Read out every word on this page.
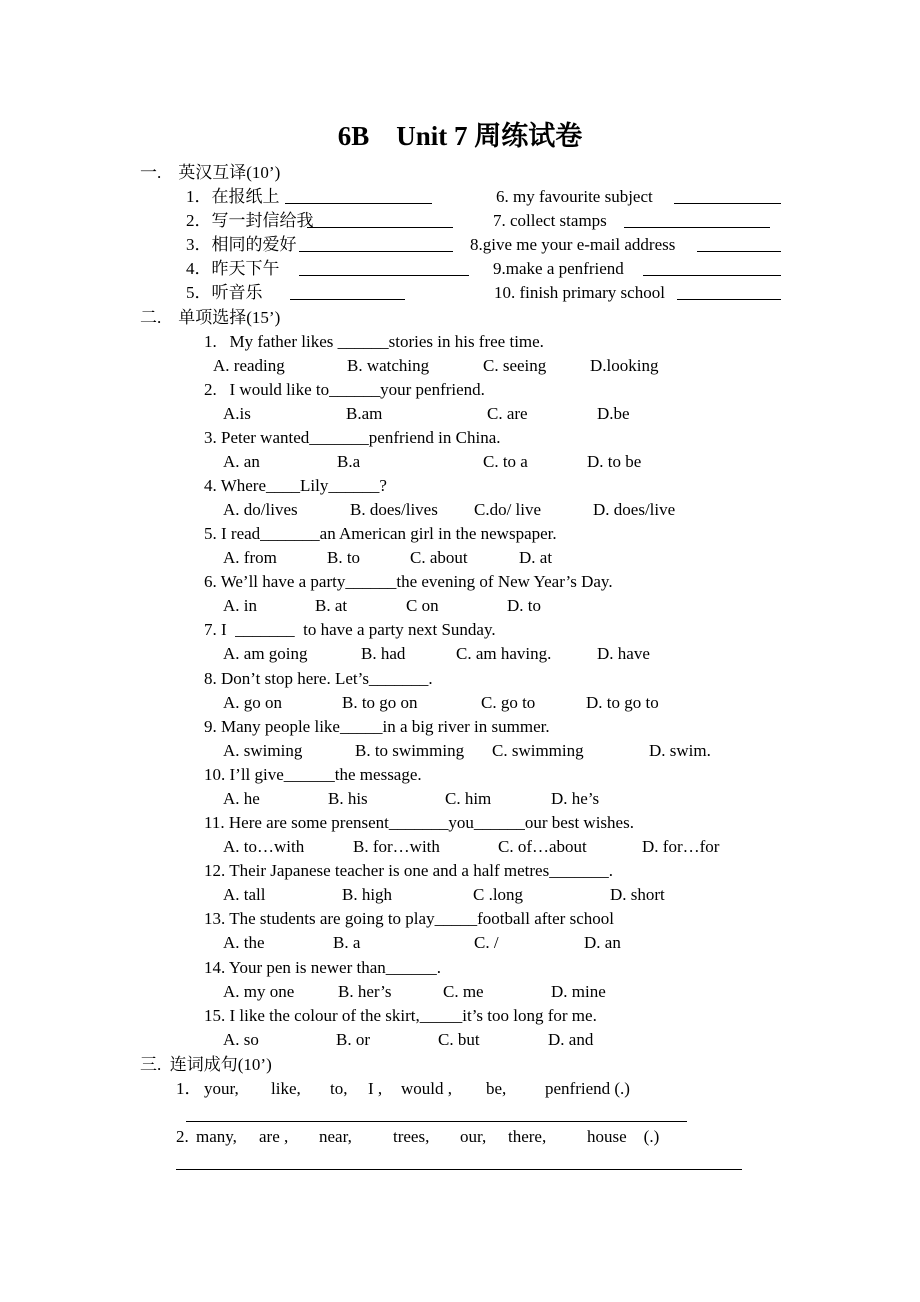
6B    Unit 7 周练试卷
一.    英汉互译(10’)
1．在报纸上	6. my favourite subject
2．写一封信给我	7. collect stamps
3．相同的爱好	8.give me your e-mail address
4．昨天下午	9.make a penfriend
5．听音乐	10. finish primary school
二.    单项选择(15’)
1.   My father likes ______stories in his free time.
A. reading	B. watching	C. seeing	D.looking
2.   I would like to______your penfriend.
A.is	B.am	C. are	D.be
3. Peter wanted_______penfriend in China.
A. an	B.a	C. to a	D. to be
4. Where____Lily______?
A. do/lives	B. does/lives C.do/ live	D. does/live
5. I read_______an American girl in the newspaper.
A. from	B. to	C. about	D. at
6. We’ll have a party______the evening of New Year’s Day.
A. in	B. at	C on	D. to
7. I  _______  to have a party next Sunday.
A. am going	B. had	C. am having.	D. have
8. Don’t stop here. Let’s_______.
A. go on	B. to go on	C. go to	D. to go to
9. Many people like_____in a big river in summer.
A. swiming	B. to swimming C. swimming	D. swim.
10. I’ll give______the message.
A. he	B. his	C. him	D. he’s
11. Here are some prensent_______you______our best wishes.
A. to…with	B. for…with	C. of…about	D. for…for
12. Their Japanese teacher is one and a half metres_______.
A. tall	B. high	C .long	D. short
13. The students are going to play_____football after school
A. the	B. a	C. /	D. an
14. Your pen is newer than______.
A. my one	B. her’s	C. me	D. mine
15. I like the colour of the skirt,_____it’s too long for me.
A. so	B. or	C. but	D. and
三.  连词成句(10’)
1． your, like, to, I , would , be, penfriend (.)
2. many, are , near, trees, our, there, house    (.)
